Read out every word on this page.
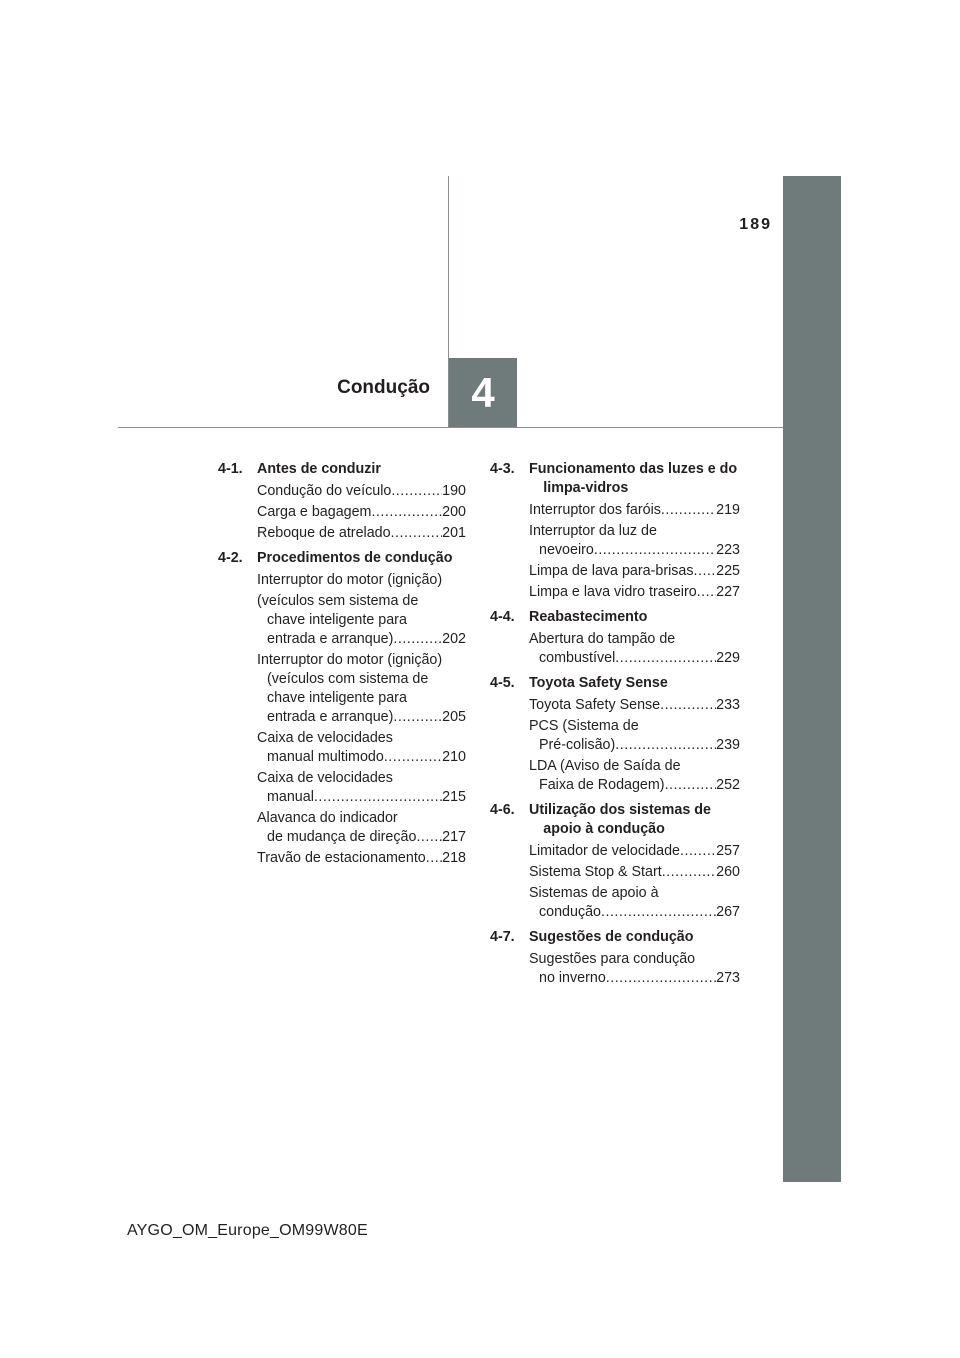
189
Condução 4
4-1.	Antes de conduzir
Condução do veículo .....	190
Carga e bagagem .....	200
Reboque de atrelado .....	201
4-2.	Procedimentos de condução
Interruptor do motor (ignição)
(veículos sem sistema de
chave inteligente para
entrada e arranque) .....	202
Interruptor do motor (ignição)
(veículos com sistema de
chave inteligente para
entrada e arranque) .....	205
Caixa de velocidades
manual multimodo .....	210
Caixa de velocidades
manual .....	215
Alavanca do indicador
de mudança de direção ..... 217
Travão de estacionamento ..... 218
4-3.	Funcionamento das luzes e do limpa-vidros
Interruptor dos faróis .....	219
Interruptor da luz de
nevoeiro .....	223
Limpa de lava para-brisas ..... 225
Limpa e lava vidro traseiro ..... 227
4-4.	Reabastecimento
Abertura do tampão de
combustível .....	229
4-5.	Toyota Safety Sense
Toyota Safety Sense .....	233
PCS (Sistema de
Pré-colisão) .....	239
LDA (Aviso de Saída de
Faixa de Rodagem) .....	252
4-6.	Utilização dos sistemas de apoio à condução
Limitador de velocidade .....	257
Sistema Stop & Start .....	260
Sistemas de apoio à
condução .....	267
4-7.	Sugestões de condução
Sugestões para condução
no inverno .....	273
AYGO_OM_Europe_OM99W80E
